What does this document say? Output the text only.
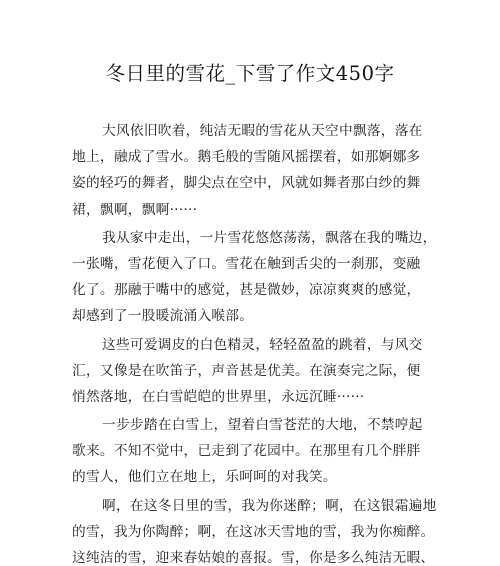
冬日里的雪花_下雪了作文450字
大风依旧吹着，纯洁无暇的雪花从天空中飘落，落在
地上，融成了雪水。鹅毛般的雪随风摇摆着，如那婀娜多
姿的轻巧的舞者，脚尖点在空中，风就如舞者那白纱的舞
裙，飘啊，飘啊······
我从家中走出，一片雪花悠悠荡荡，飘落在我的嘴边，
一张嘴，雪花便入了口。雪花在触到舌尖的一刹那，变融
化了。那融于嘴中的感觉，甚是微妙，凉凉爽爽的感觉，
却感到了一股暖流涌入喉部。
这些可爱调皮的白色精灵，轻轻盈盈的跳着，与风交
汇，又像是在吹笛子，声音甚是优美。在演奏完之际，便
悄然落地，在白雪皑皑的世界里，永远沉睡······
一步步踏在白雪上，望着白雪苍茫的大地，不禁哼起
歌来。不知不觉中，已走到了花园中。在那里有几个胖胖
的雪人，他们立在地上，乐呵呵的对我笑。
啊，在这冬日里的雪，我为你迷醉；啊，在这银霜遍地
的雪，我为你陶醉；啊，在这冰天雪地的雪，我为你痴醉。
这纯洁的雪，迎来春姑娘的喜报。雪，你是多么纯洁无暇、
